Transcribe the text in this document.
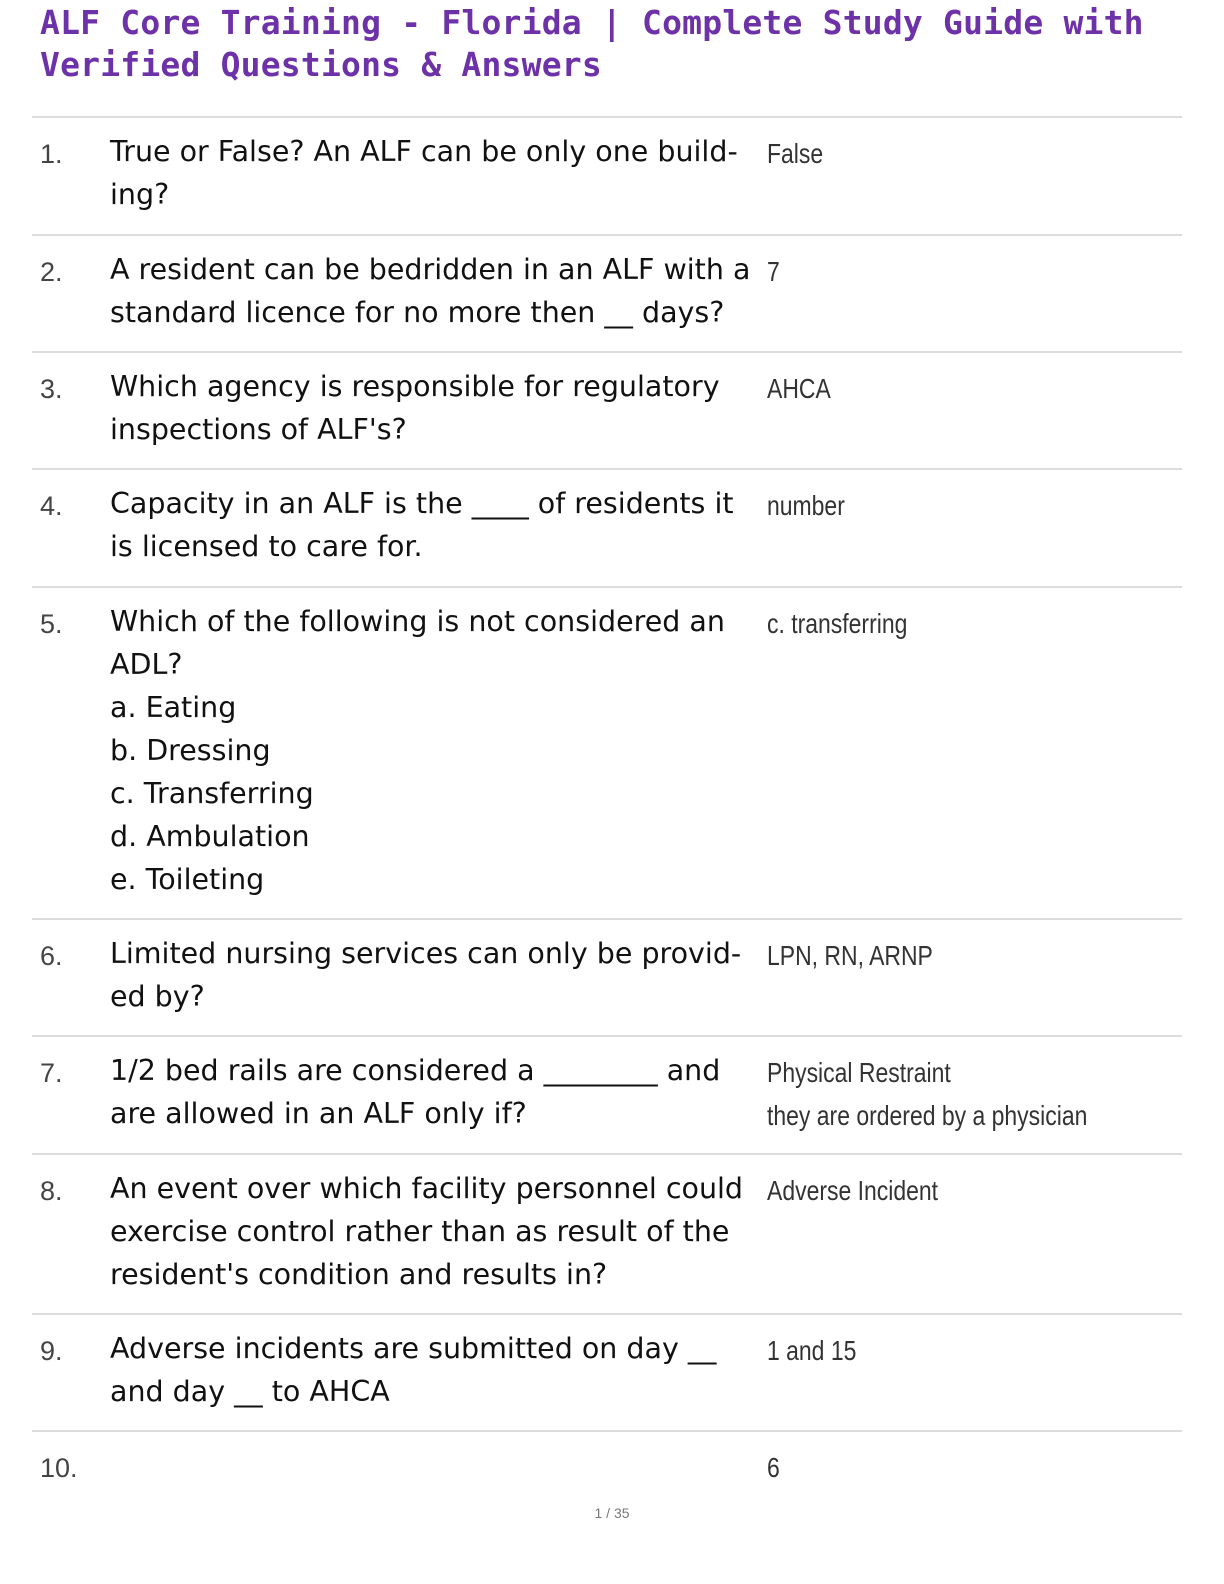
ALF Core Training - Florida | Complete Study Guide with
Verified Questions & Answers
1. True or False? An ALF can be only one build-
ing?
False
2. A resident can be bedridden in an ALF with a
standard licence for no more then __ days?
7
3. Which agency is responsible for regulatory
inspections of ALF's?
AHCA
4. Capacity in an ALF is the ____ of residents it
is licensed to care for.
number
5. Which of the following is not considered an
ADL?
a. Eating
b. Dressing
c. Transferring
d. Ambulation
e. Toileting
c. transferring
6. Limited nursing services can only be provid-
ed by?
LPN, RN, ARNP
7. 1/2 bed rails are considered a ________ and
are allowed in an ALF only if?
Physical Restraint
they are ordered by a physician
8. An event over which facility personnel could
exercise control rather than as result of the
resident's condition and results in?
Adverse Incident
9. Adverse incidents are submitted on day __
and day __ to AHCA
1 and 15
10.	6
1 / 35
